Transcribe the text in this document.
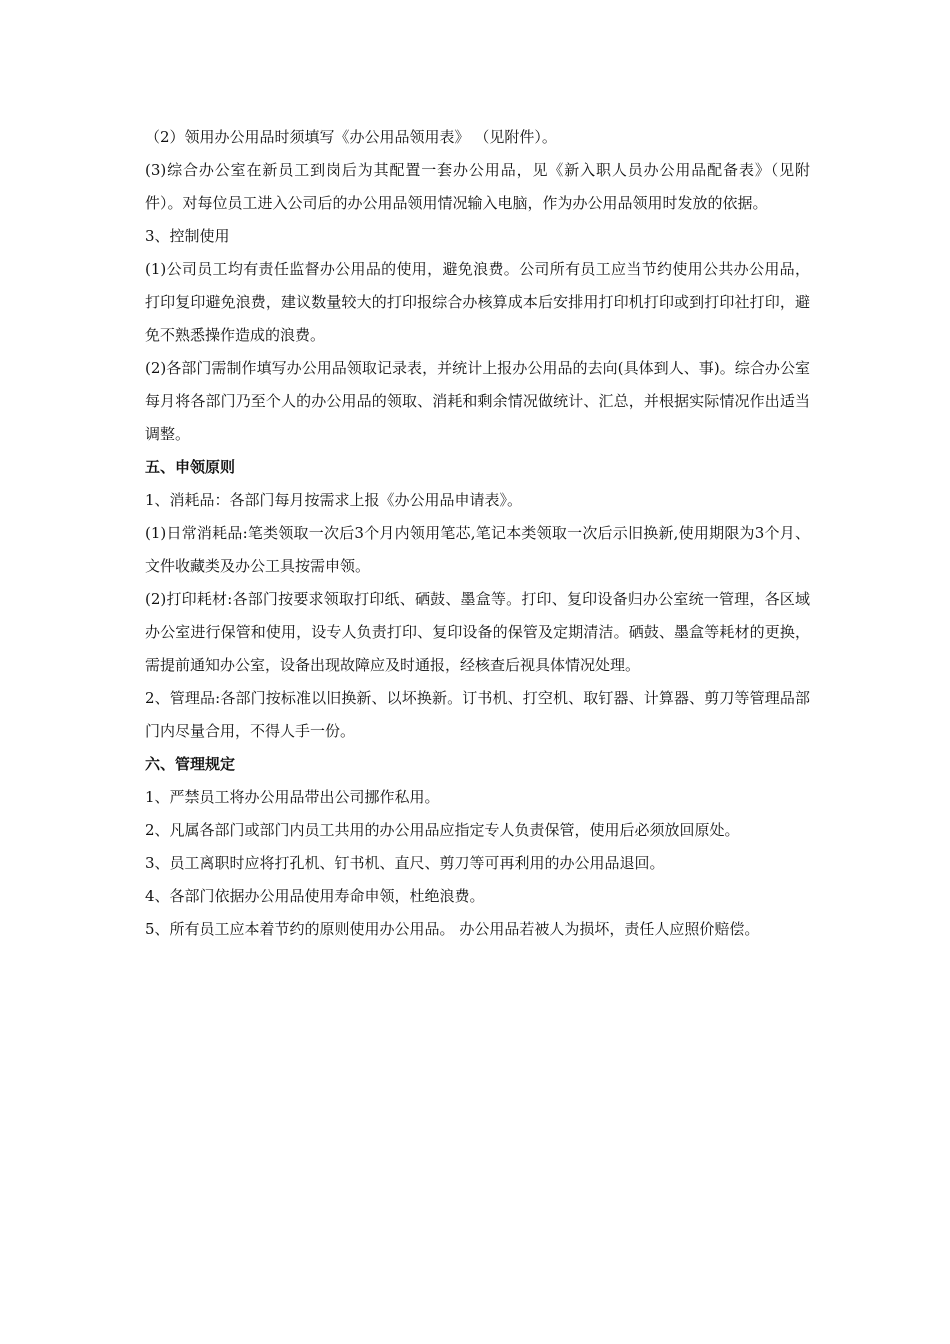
（2）领用办公用品时须填写《办公用品领用表》 （见附件）。

(3)综合办公室在新员工到岗后为其配置一套办公用品，见《新入职人员办公用品配备表》（见附件）。对每位员工进入公司后的办公用品领用情况输入电脑，作为办公用品领用时发放的依据。

3、控制使用

(1)公司员工均有责任监督办公用品的使用，避免浪费。公司所有员工应当节约使用公共办公用品，打印复印避免浪费，建议数量较大的打印报综合办核算成本后安排用打印机打印或到打印社打印，避免不熟悉操作造成的浪费。

(2)各部门需制作填写办公用品领取记录表，并统计上报办公用品的去向(具体到人、事)。综合办公室每月将各部门乃至个人的办公用品的领取、消耗和剩余情况做统计、汇总，并根据实际情况作出适当调整。

五、申领原则

1、消耗品：各部门每月按需求上报《办公用品申请表》。

(1)日常消耗品:笔类领取一次后3个月内领用笔芯,笔记本类领取一次后示旧换新,使用期限为3个月、文件收藏类及办公工具按需申领。

(2)打印耗材:各部门按要求领取打印纸、硒鼓、墨盒等。打印、复印设备归办公室统一管理，各区域办公室进行保管和使用，设专人负责打印、复印设备的保管及定期清洁。硒鼓、墨盒等耗材的更换，需提前通知办公室，设备出现故障应及时通报，经核查后视具体情况处理。

2、管理品:各部门按标准以旧换新、以坏换新。订书机、打空机、取钉器、计算器、剪刀等管理品部门内尽量合用，不得人手一份。

六、管理规定

1、严禁员工将办公用品带出公司挪作私用。

2、凡属各部门或部门内员工共用的办公用品应指定专人负责保管，使用后必须放回原处。

3、员工离职时应将打孔机、钉书机、直尺、剪刀等可再利用的办公用品退回。

4、各部门依据办公用品使用寿命申领，杜绝浪费。

5、所有员工应本着节约的原则使用办公用品。 办公用品若被人为损坏，责任人应照价赔偿。
